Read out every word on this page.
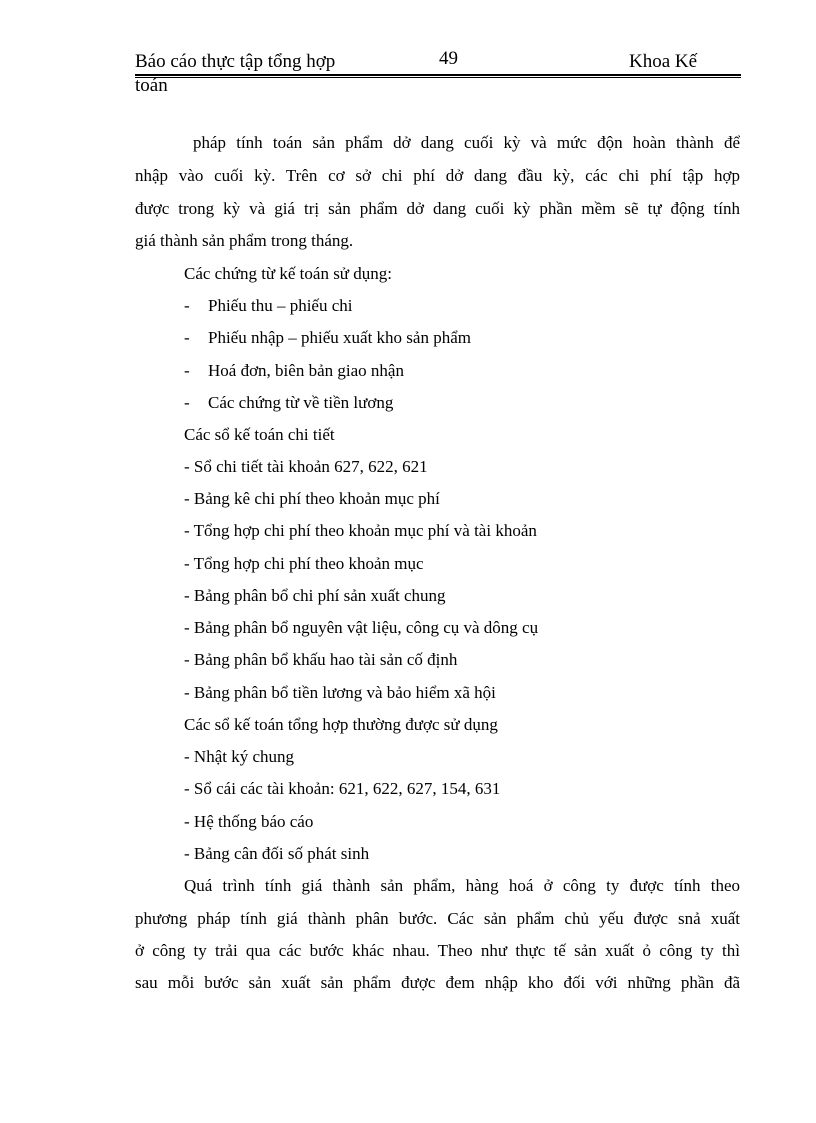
Báo cáo thực tập tổng hợp	49	Khoa Kế
toán
pháp tính toán sản phẩm dở dang cuối kỳ và mức độn hoàn thành để
nhập vào cuối kỳ. Trên cơ sở chi phí dở dang đầu kỳ, các chi phí tập hợp
được trong kỳ và giá trị sản phẩm dở dang cuối kỳ phần mềm sẽ tự động tính
giá thành sản phẩm trong tháng.
Các chứng từ kế toán sử dụng:
- Phiếu thu – phiếu chi
- Phiếu nhập – phiếu xuất kho sản phẩm
- Hoá đơn, biên bản giao nhận
- Các chứng từ về tiền lương
Các sổ kế toán chi tiết
- Sổ chi tiết tài khoản 627, 622, 621
- Bảng kê chi phí theo khoản mục phí
- Tổng hợp chi phí theo khoản mục phí và tài khoản
- Tổng hợp chi phí theo khoản mục
- Bảng phân bổ chi phí sản xuất chung
- Bảng phân bổ nguyên vật liệu, công cụ và dông cụ
- Bảng phân bổ khấu hao tài sản cố định
- Bảng phân bổ tiền lương và bảo hiểm xã hội
Các sổ kế toán tổng hợp thường được sử dụng
- Nhật ký chung
- Sổ cái các tài khoản: 621, 622, 627, 154, 631
- Hệ thống báo cáo
- Bảng cân đối số phát sinh
Quá trình tính giá thành sản phẩm, hàng hoá ở công ty được tính theo
phương pháp tính giá thành phân bước. Các sản phẩm chủ yếu được snả xuất
ở công ty trải qua các bước khác nhau. Theo như thực tế sản xuất ỏ công ty thì
sau mỗi bước sản xuất sản phẩm được đem nhập kho đối với những phần đã
